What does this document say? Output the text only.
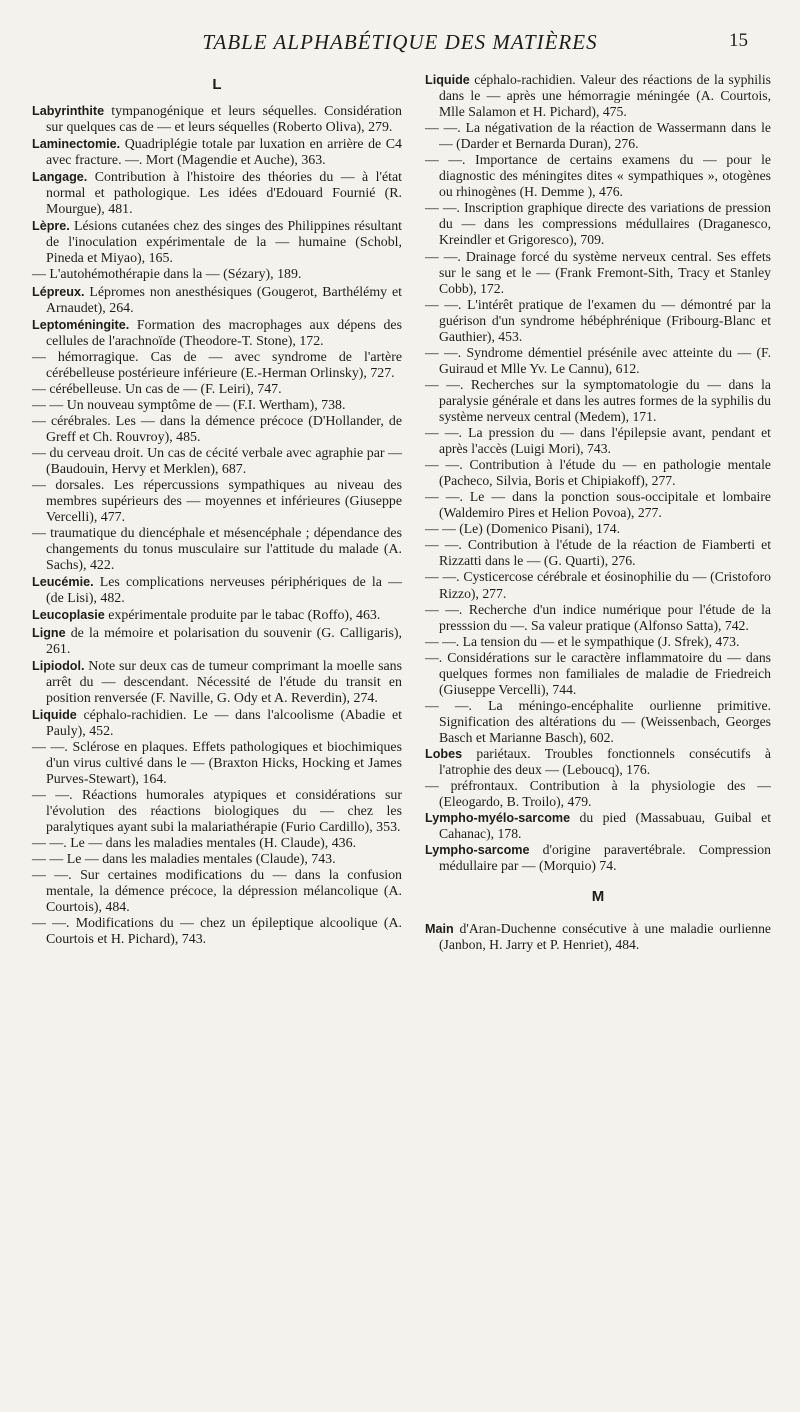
TABLE ALPHABÉTIQUE DES MATIÈRES	15
L

Labyrinthite tympanogénique et leurs séquelles. Considération sur quelques cas de — et leurs séquelles (Roberto Oliva), 279.

Laminectomie. Quadriplégie totale par luxation en arrière de C4 avec fracture. —. Mort (Magendie et Auche), 363.

Langage. Contribution à l'histoire des théories du — à l'état normal et pathologique. Les idées d'Edouard Fournié (R. Mourgue), 481.

Lèpre. Lésions cutanées chez des singes des Philippines résultant de l'inoculation expérimentale de la — humaine (Schobl, Pineda et Miyao), 165.

— L'autohémothérapie dans la — (Sézary), 189.

Lépreux. Lépromes non anesthésiques (Gougerot, Barthélémy et Arnaudet), 264.

Leptoméningite. Formation des macrophages aux dépens des cellules de l'arachnoïde (Theodore-T. Stone), 172.

— hémorragique. Cas de — avec syndrome de l'artère cérébelleuse postérieure inférieure (E.-Herman Orlinsky), 727.

— cérébelleuse. Un cas de — (F. Leiri), 747.

— — Un nouveau symptôme de — (F.I. Wertham), 738.

— cérébrales. Les — dans la démence précoce (D'Hollander, de Greff et Ch. Rouvroy), 485.

— du cerveau droit. Un cas de cécité verbale avec agraphie par — (Baudouin, Hervy et Merklen), 687.

— dorsales. Les répercussions sympathiques au niveau des membres supérieurs des — moyennes et inférieures (Giuseppe Vercelli), 477.

— traumatique du diencéphale et mésencéphale ; dépendance des changements du tonus musculaire sur l'attitude du malade (A. Sachs), 422.

Leucémie. Les complications nerveuses périphériques de la — (de Lisi), 482.

Leucoplasie expérimentale produite par le tabac (Roffo), 463.

Ligne de la mémoire et polarisation du souvenir (G. Calligaris), 261.

Lipiodol. Note sur deux cas de tumeur comprimant la moelle sans arrêt du — descendant. Nécessité de l'étude du transit en position renversée (F. Naville, G. Ody et A. Reverdin), 274.

Liquide céphalo-rachidien. Le — dans l'alcoolisme (Abadie et Pauly), 452.

— —. Sclérose en plaques. Effets pathologiques et biochimiques d'un virus cultivé dans le — (Braxton Hicks, Hocking et James Purves-Stewart), 164.

— —. Réactions humorales atypiques et considérations sur l'évolution des réactions biologiques du — chez les paralytiques ayant subi la malariathérapie (Furio Cardillo), 353.

— —. Le — dans les maladies mentales (H. Claude), 436.

— — Le — dans les maladies mentales (Claude), 743.

— —. Sur certaines modifications du — dans la confusion mentale, la démence précoce, la dépression mélancolique (A. Courtois), 484.

— —. Modifications du — chez un épileptique alcoolique (A. Courtois et H. Pichard), 743.

Liquide céphalo-rachidien. Valeur des réactions de la syphilis dans le — après une hémorragie méningée (A. Courtois, Mlle Salamon et H. Pichard), 475.

— —. La négativation de la réaction de Wassermann dans le — (Darder et Bernarda Duran), 276.

— —. Importance de certains examens du — pour le diagnostic des méningites dites « sympathiques », otogènes ou rhinogènes (H. Demme ), 476.

— —. Inscription graphique directe des variations de pression du — dans les compressions médullaires (Draganesco, Kreindler et Grigoresco), 709.

— —. Drainage forcé du système nerveux central. Ses effets sur le sang et le — (Frank Fremont-Sith, Tracy et Stanley Cobb), 172.

— —. L'intérêt pratique de l'examen du — démontré par la guérison d'un syndrome hébéphrénique (Fribourg-Blanc et Gauthier), 453.

— —. Syndrome démentiel présénile avec atteinte du — (F. Guiraud et Mlle Yv. Le Cannu), 612.

— —. Recherches sur la symptomatologie du — dans la paralysie générale et dans les autres formes de la syphilis du système nerveux central (Medem), 171.

— —. La pression du — dans l'épilepsie avant, pendant et après l'accès (Luigi Mori), 743.

— —. Contribution à l'étude du — en pathologie mentale (Pacheco, Silvia, Boris et Chipiakoff), 277.

— —. Le — dans la ponction sous-occipitale et lombaire (Waldemiro Pires et Helion Povoa), 277.

— — (Le) (Domenico Pisani), 174.

— —. Contribution à l'étude de la réaction de Fiamberti et Rizzatti dans le — (G. Quarti), 276.

— —. Cysticercose cérébrale et éosinophilie du — (Cristoforo Rizzo), 277.

— —. Recherche d'un indice numérique pour l'étude de la presssion du —. Sa valeur pratique (Alfonso Satta), 742.

— —. La tension du — et le sympathique (J. Sfrek), 473.

—. Considérations sur le caractère inflammatoire du — dans quelques formes non familiales de maladie de Friedreich (Giuseppe Vercelli), 744.

— —. La méningo-encéphalite ourlienne primitive. Signification des altérations du — (Weissenbach, Georges Basch et Marianne Basch), 602.

Lobes pariétaux. Troubles fonctionnels consécutifs à l'atrophie des deux — (Leboucq), 176.

— préfrontaux. Contribution à la physiologie des — (Eleogardo, B. Troilo), 479.

Lympho-myélo-sarcome du pied (Massabuau, Guibal et Cahanac), 178.

Lympho-sarcome d'origine paravertébrale. Compression médullaire par — (Morquio) 74.

M

Main d'Aran-Duchenne consécutive à une maladie ourlienne (Janbon, H. Jarry et P. Henriet), 484.
